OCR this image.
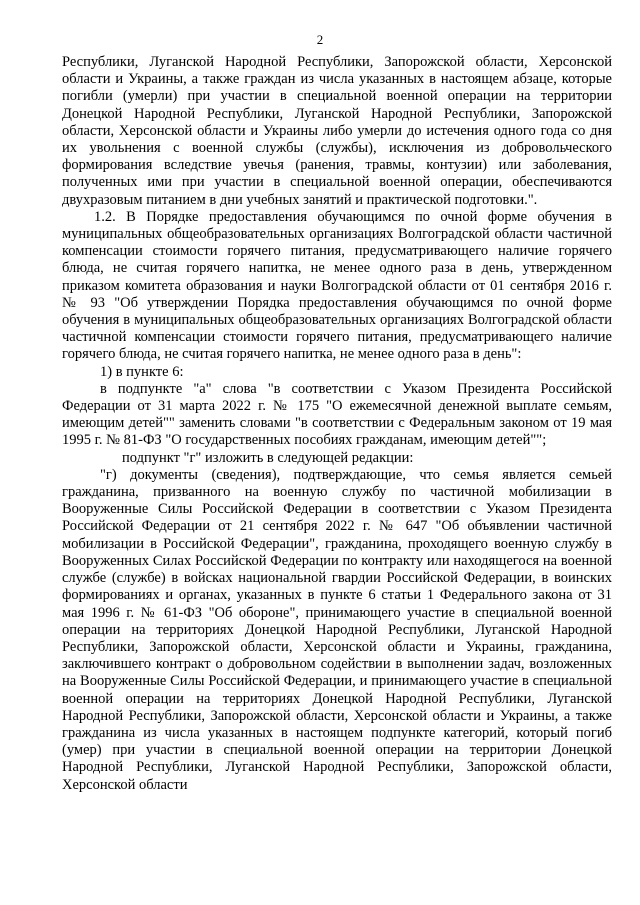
2

Республики, Луганской Народной Республики, Запорожской области, Херсонской области и Украины, а также граждан из числа указанных в настоящем абзаце, которые погибли (умерли) при участии в специальной военной операции на территории Донецкой Народной Республики, Луганской Народной Республики, Запорожской области, Херсонской области и Украины либо умерли до истечения одного года со дня их увольнения с военной службы (службы), исключения из добровольческого формирования вследствие увечья (ранения, травмы, контузии) или заболевания, полученных ими при участии в специальной военной операции, обеспечиваются двухразовым питанием в дни учебных занятий и практической подготовки.".

1.2. В Порядке предоставления обучающимся по очной форме обучения в муниципальных общеобразовательных организациях Волгоградской области частичной компенсации стоимости горячего питания, предусматривающего наличие горячего блюда, не считая горячего напитка, не менее одного раза в день, утвержденном приказом комитета образования и науки Волгоградской области от 01 сентября 2016 г. № 93 "Об утверждении Порядка предоставления обучающимся по очной форме обучения в муниципальных общеобразовательных организациях Волгоградской области частичной компенсации стоимости горячего питания, предусматривающего наличие горячего блюда, не считая горячего напитка, не менее одного раза в день":

1) в пункте 6:

в подпункте "а" слова "в соответствии с Указом Президента Российской Федерации от 31 марта 2022 г. № 175 "О ежемесячной денежной выплате семьям, имеющим детей"" заменить словами "в соответствии с Федеральным законом от 19 мая 1995 г. № 81-ФЗ "О государственных пособиях гражданам, имеющим детей"";

подпункт "г" изложить в следующей редакции:

"г) документы (сведения), подтверждающие, что семья является семьей гражданина, призванного на военную службу по частичной мобилизации в Вооруженные Силы Российской Федерации в соответствии с Указом Президента Российской Федерации от 21 сентября 2022 г. № 647 "Об объявлении частичной мобилизации в Российской Федерации", гражданина, проходящего военную службу в Вооруженных Силах Российской Федерации по контракту или находящегося на военной службе (службе) в войсках национальной гвардии Российской Федерации, в воинских формированиях и органах, указанных в пункте 6 статьи 1 Федерального закона от 31 мая 1996 г. № 61-ФЗ "Об обороне", принимающего участие в специальной военной операции на территориях Донецкой Народной Республики, Луганской Народной Республики, Запорожской области, Херсонской области и Украины, гражданина, заключившего контракт о добровольном содействии в выполнении задач, возложенных на Вооруженные Силы Российской Федерации, и принимающего участие в специальной военной операции на территориях Донецкой Народной Республики, Луганской Народной Республики, Запорожской области, Херсонской области и Украины, а также гражданина из числа указанных в настоящем подпункте категорий, который погиб (умер) при участии в специальной военной операции на территории Донецкой Народной Республики, Луганской Народной Республики, Запорожской области, Херсонской области
